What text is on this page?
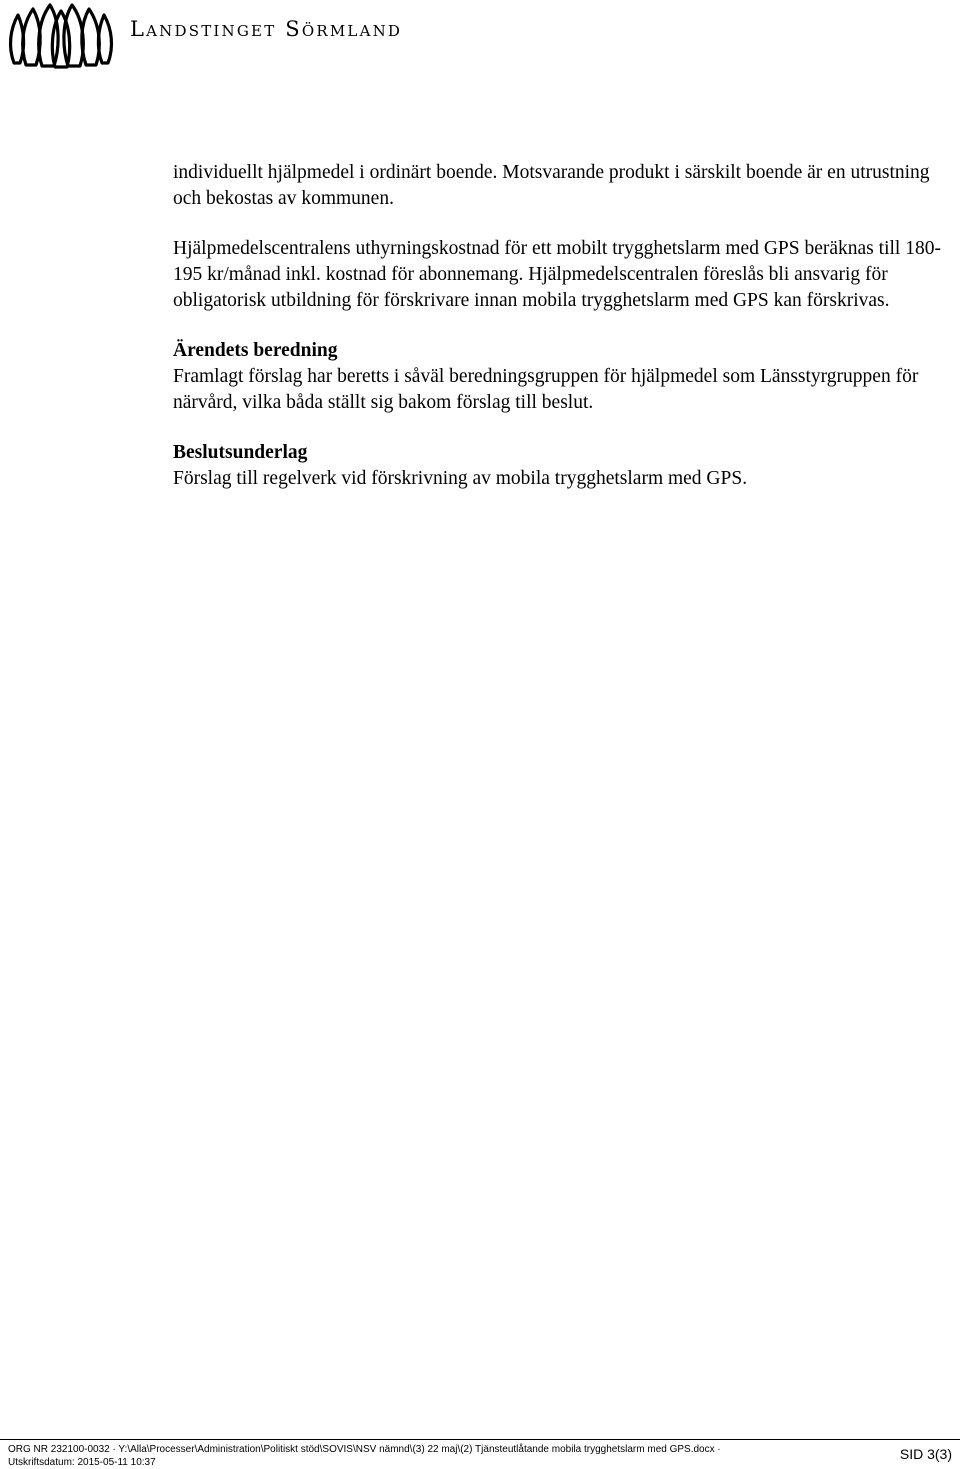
Landstinget Sörmland

individuellt hjälpmedel i ordinärt boende. Motsvarande produkt i särskilt boende är en utrustning och bekostas av kommunen.

Hjälpmedelscentralens uthyrningskostnad för ett mobilt trygghetslarm med GPS beräknas till 180-195 kr/månad inkl. kostnad för abonnemang. Hjälpmedelscentralen föreslås bli ansvarig för obligatorisk utbildning för förskrivare innan mobila trygghetslarm med GPS kan förskrivas.

Ärendets beredning

Framlagt förslag har beretts i såväl beredningsgruppen för hjälpmedel som Länsstyrgruppen för närvård, vilka båda ställt sig bakom förslag till beslut.

Beslutsunderlag

Förslag till regelverk vid förskrivning av mobila trygghetslarm med GPS.

ORG NR 232100-0032 · Y:\Alla\Processer\Administration\Politiskt stöd\SOVIS\NSV nämnd\(3) 22 maj\(2) Tjänsteutlåtande mobila trygghetslarm med GPS.docx ·
Utskriftsdatum: 2015-05-11 10:37
SID 3(3)
